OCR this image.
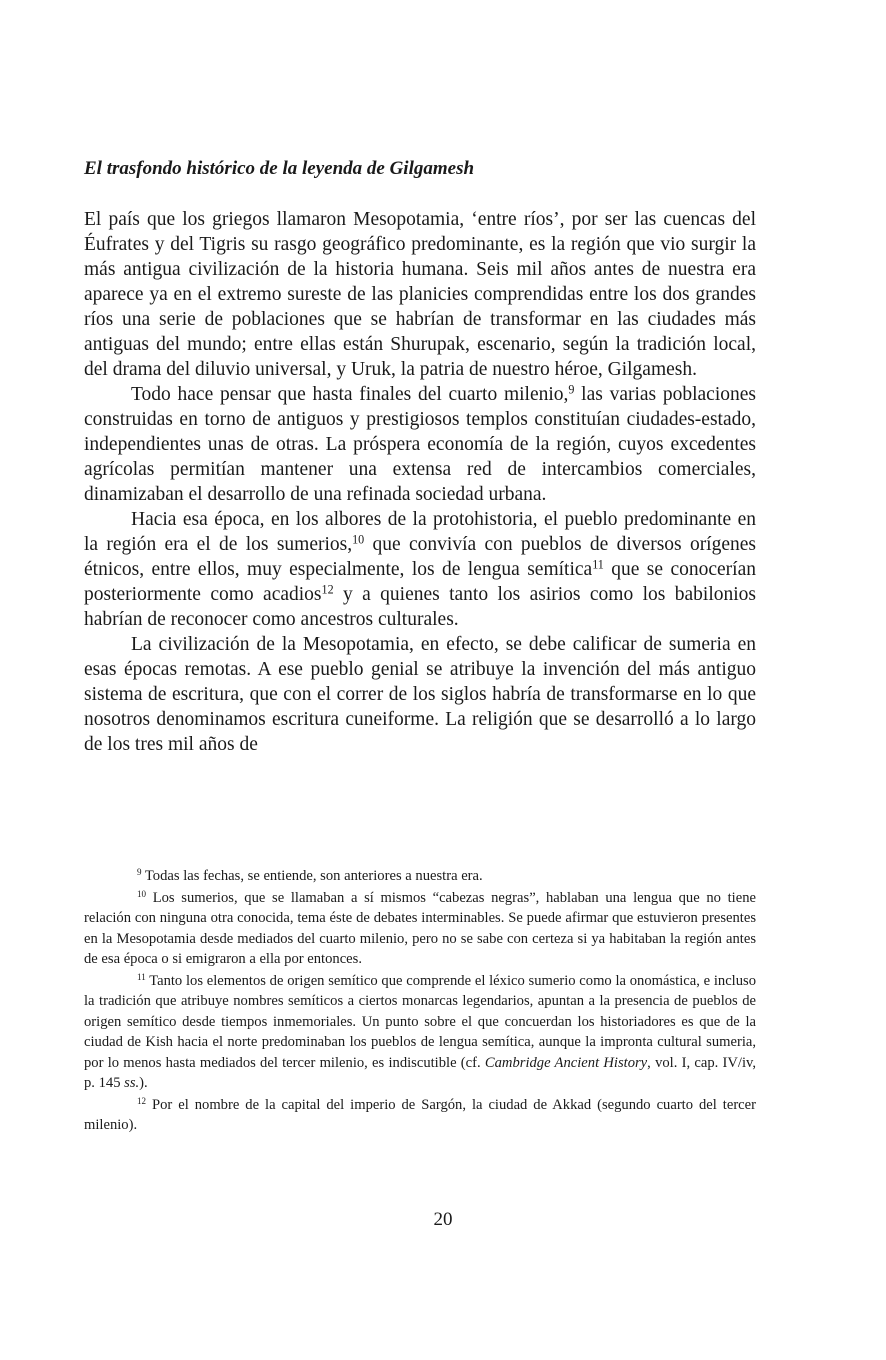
El trasfondo histórico de la leyenda de Gilgamesh

El país que los griegos llamaron Mesopotamia, ‘entre ríos’, por ser las cuencas del Éufrates y del Tigris su rasgo geográfico predominante, es la región que vio surgir la más antigua civilización de la historia humana. Seis mil años antes de nuestra era aparece ya en el extremo sureste de las planicies comprendidas entre los dos grandes ríos una serie de poblaciones que se habrían de transformar en las ciudades más antiguas del mundo; entre ellas están Shurupak, escenario, según la tradición local, del drama del diluvio universal, y Uruk, la patria de nuestro héroe, Gilgamesh.

Todo hace pensar que hasta finales del cuarto milenio,$^9$ las varias poblaciones construidas en torno de antiguos y prestigiosos templos constituían ciudades-estado, independientes unas de otras. La próspera economía de la región, cuyos excedentes agrícolas permitían mantener una extensa red de intercambios comerciales, dinamizaban el desarrollo de una refinada sociedad urbana.

Hacia esa época, en los albores de la protohistoria, el pueblo predominante en la región era el de los sumerios,$^{10}$ que convivía con pueblos de diversos orígenes étnicos, entre ellos, muy especialmente, los de lengua semítica$^{11}$ que se conocerían posteriormente como acadios$^{12}$ y a quienes tanto los asirios como los babilonios habrían de reconocer como ancestros culturales.

La civilización de la Mesopotamia, en efecto, se debe calificar de sumeria en esas épocas remotas. A ese pueblo genial se atribuye la invención del más antiguo sistema de escritura, que con el correr de los siglos habría de transformarse en lo que nosotros denominamos escritura cuneiforme. La religión que se desarrolló a lo largo de los tres mil años de

$^9$ Todas las fechas, se entiende, son anteriores a nuestra era.

$^{10}$ Los sumerios, que se llamaban a sí mismos “cabezas negras”, hablaban una lengua que no tiene relación con ninguna otra conocida, tema éste de debates interminables. Se puede afirmar que estuvieron presentes en la Mesopotamia desde mediados del cuarto milenio, pero no se sabe con certeza si ya habitaban la región antes de esa época o si emigraron a ella por entonces.

$^{11}$ Tanto los elementos de origen semítico que comprende el léxico sumerio como la onomástica, e incluso la tradición que atribuye nombres semíticos a ciertos monarcas legendarios, apuntan a la presencia de pueblos de origen semítico desde tiempos inmemoriales. Un punto sobre el que concuerdan los historiadores es que de la ciudad de Kish hacia el norte predominaban los pueblos de lengua semítica, aunque la impronta cultural sumeria, por lo menos hasta mediados del tercer milenio, es indiscutible (cf. Cambridge Ancient History, vol. I, cap. IV/iv, p. 145 ss.).

$^{12}$ Por el nombre de la capital del imperio de Sargón, la ciudad de Akkad (segundo cuarto del tercer milenio).

20
